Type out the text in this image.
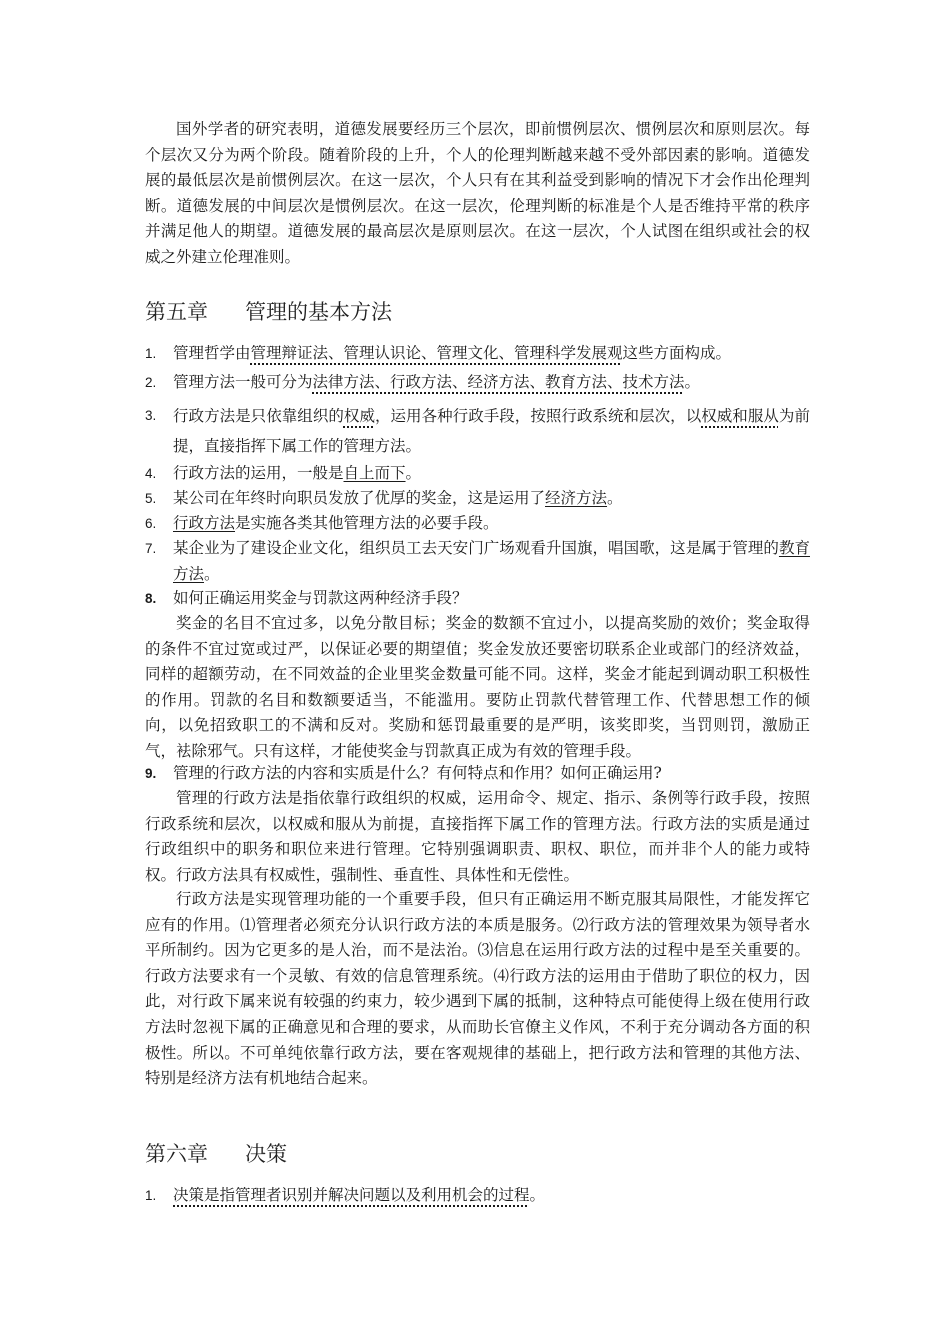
国外学者的研究表明，道德发展要经历三个层次，即前惯例层次、惯例层次和原则层次。每个层次又分为两个阶段。随着阶段的上升，个人的伦理判断越来越不受外部因素的影响。道德发展的最低层次是前惯例层次。在这一层次，个人只有在其利益受到影响的情况下才会作出伦理判断。道德发展的中间层次是惯例层次。在这一层次，伦理判断的标准是个人是否维持平常的秩序并满足他人的期望。道德发展的最高层次是原则层次。在这一层次，个人试图在组织或社会的权威之外建立伦理准则。

第五章 管理的基本方法
1.	管理哲学由管理辩证法、管理认识论、管理文化、管理科学发展观这些方面构成。
2.	管理方法一般可分为法律方法、行政方法、经济方法、教育方法、技术方法。
3.	行政方法是只依靠组织的权威，运用各种行政手段，按照行政系统和层次，以权威和服从为前提，直接指挥下属工作的管理方法。
4.	行政方法的运用，一般是自上而下。
5.	某公司在年终时向职员发放了优厚的奖金，这是运用了经济方法。
6.	行政方法是实施各类其他管理方法的必要手段。
7.	某企业为了建设企业文化，组织员工去天安门广场观看升国旗，唱国歌，这是属于管理的教育方法。
8.	如何正确运用奖金与罚款这两种经济手段？

奖金的名目不宜过多，以免分散目标；奖金的数额不宜过小，以提高奖励的效价；奖金取得的条件不宜过宽或过严，以保证必要的期望值；奖金发放还要密切联系企业或部门的经济效益，同样的超额劳动，在不同效益的企业里奖金数量可能不同。这样，奖金才能起到调动职工积极性的作用。罚款的名目和数额要适当，不能滥用。要防止罚款代替管理工作、代替思想工作的倾向，以免招致职工的不满和反对。奖励和惩罚最重要的是严明，该奖即奖，当罚则罚，激励正气，袪除邪气。只有这样，才能使奖金与罚款真正成为有效的管理手段。

9.	管理的行政方法的内容和实质是什么？有何特点和作用？如何正确运用?

管理的行政方法是指依靠行政组织的权威，运用命令、规定、指示、条例等行政手段，按照行政系统和层次，以权威和服从为前提，直接指挥下属工作的管理方法。行政方法的实质是通过行政组织中的职务和职位来进行管理。它特别强调职责、职权、职位，而并非个人的能力或特权。行政方法具有权威性，强制性、垂直性、具体性和无偿性。

行政方法是实现管理功能的一个重要手段，但只有正确运用不断克服其局限性，才能发挥它应有的作用。⑴管理者必须充分认识行政方法的本质是服务。⑵行政方法的管理效果为领导者水平所制约。因为它更多的是人治，而不是法治。⑶信息在运用行政方法的过程中是至关重要的。行政方法要求有一个灵敏、有效的信息管理系统。⑷行政方法的运用由于借助了职位的权力，因此，对行政下属来说有较强的约束力，较少遇到下属的抵制，这种特点可能使得上级在使用行政方法时忽视下属的正确意见和合理的要求，从而助长官僚主义作风，不利于充分调动各方面的积极性。所以。不可单纯依靠行政方法，要在客观规律的基础上，把行政方法和管理的其他方法、特别是经济方法有机地结合起来。

第六章 决策
1.	决策是指管理者识别并解决问题以及利用机会的过程。
